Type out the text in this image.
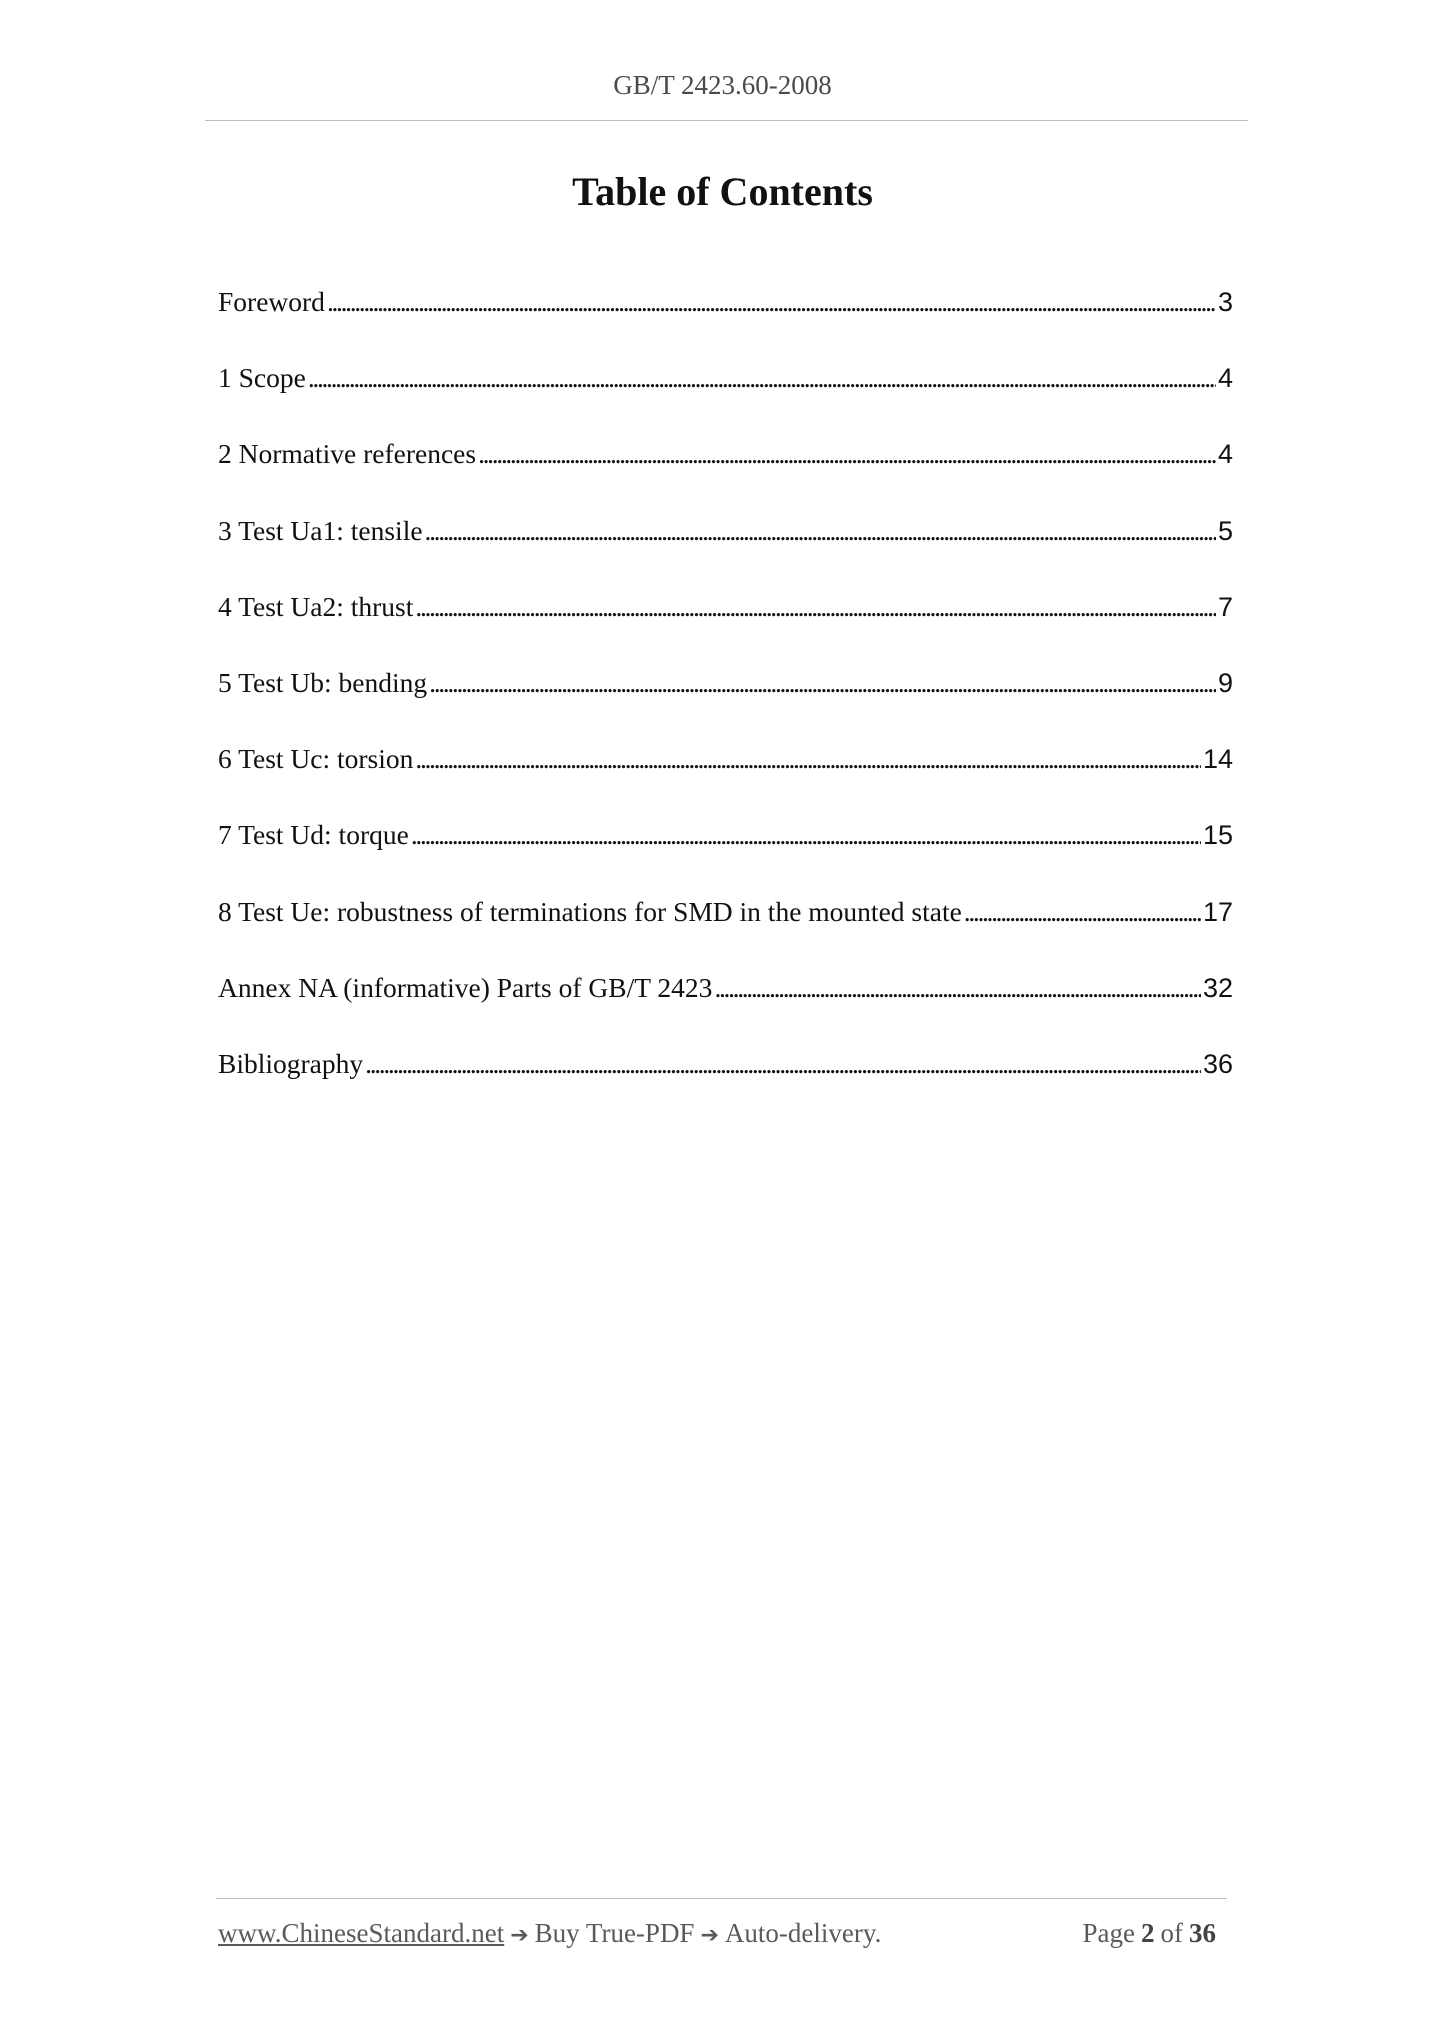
GB/T 2423.60-2008
Table of Contents
Foreword . . .	3
1 Scope . . .	4
2 Normative references . . .	4
3 Test Ua1: tensile . . .	5
4 Test Ua2: thrust . . .	7
5 Test Ub: bending . . .	9
6 Test Uc: torsion . . .	14
7 Test Ud: torque . . .	15
8 Test Ue: robustness of terminations for SMD in the mounted state . . .	17
Annex NA (informative) Parts of GB/T 2423 . . .	32
Bibliography . . .	36
www.ChineseStandard.net ➔ Buy True-PDF ➔ Auto-delivery.	Page 2 of 36
